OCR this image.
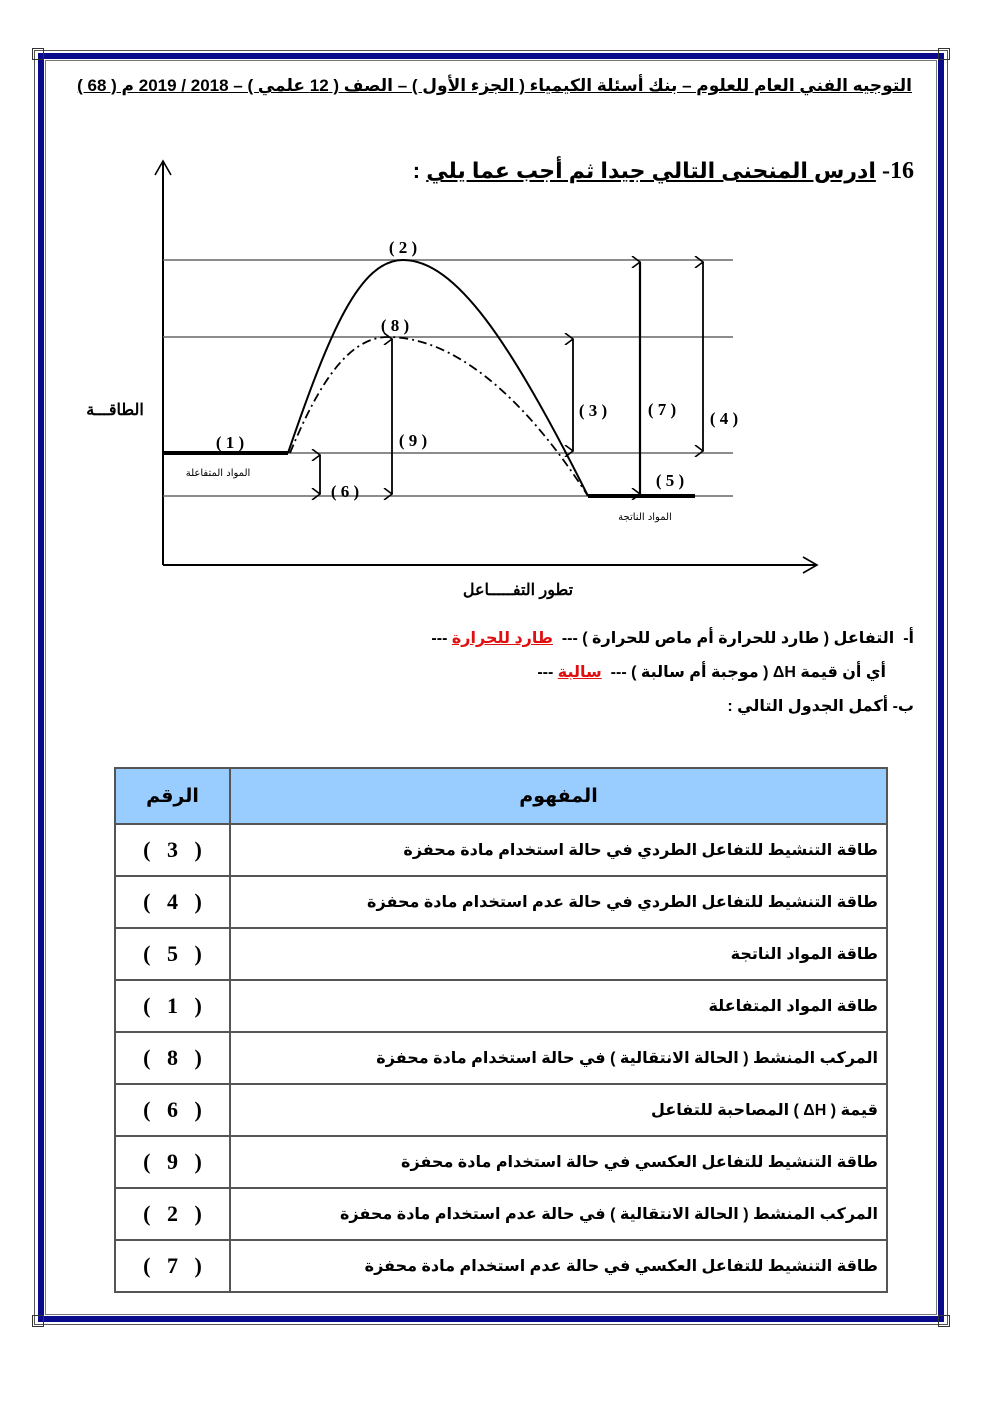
التوجيه الفني العام للعلوم – بنك أسئلة الكيمياء ( الجزء الأول ) – الصف ( 12 علمي ) – 2018 / 2019 م ( 68 )
16- ادرس المنحنى التالي جيدا ثم أجب عما يلي :
( 2 )
( 8 )
( 1 )	( 9 )
( 6 )
( 3 ) ( 7 ) ( 4 )
( 5 )
المواد المتفاعلة
المواد الناتجة
الطاقـــة
تطور التفـــــاعل
أ-  التفاعل ( طارد للحرارة أم ماص للحرارة ) ---  طارد للحرارة ---
أي أن قيمة ΔH ( موجبة أم سالبة ) ---  سالبة ---
ب- أكمل الجدول التالي :
المفهوم	الرقم
طاقة التنشيط للتفاعل الطردي في حالة استخدام مادة محفزة	(   3   )
طاقة التنشيط للتفاعل الطردي في حالة عدم استخدام مادة محفزة	(   4   )
طاقة المواد الناتجة	(   5   )
طاقة المواد المتفاعلة	(   1   )
المركب المنشط ( الحالة الانتقالية ) في حالة استخدام مادة محفزة	(   8   )
قيمة ( ΔH ) المصاحبة للتفاعل	(   6   )
طاقة التنشيط للتفاعل العكسي في حالة استخدام مادة محفزة	(   9   )
المركب المنشط ( الحالة الانتقالية ) في حالة عدم استخدام مادة محفزة	(   2   )
طاقة التنشيط للتفاعل العكسي في حالة عدم استخدام مادة محفزة	(   7   )
